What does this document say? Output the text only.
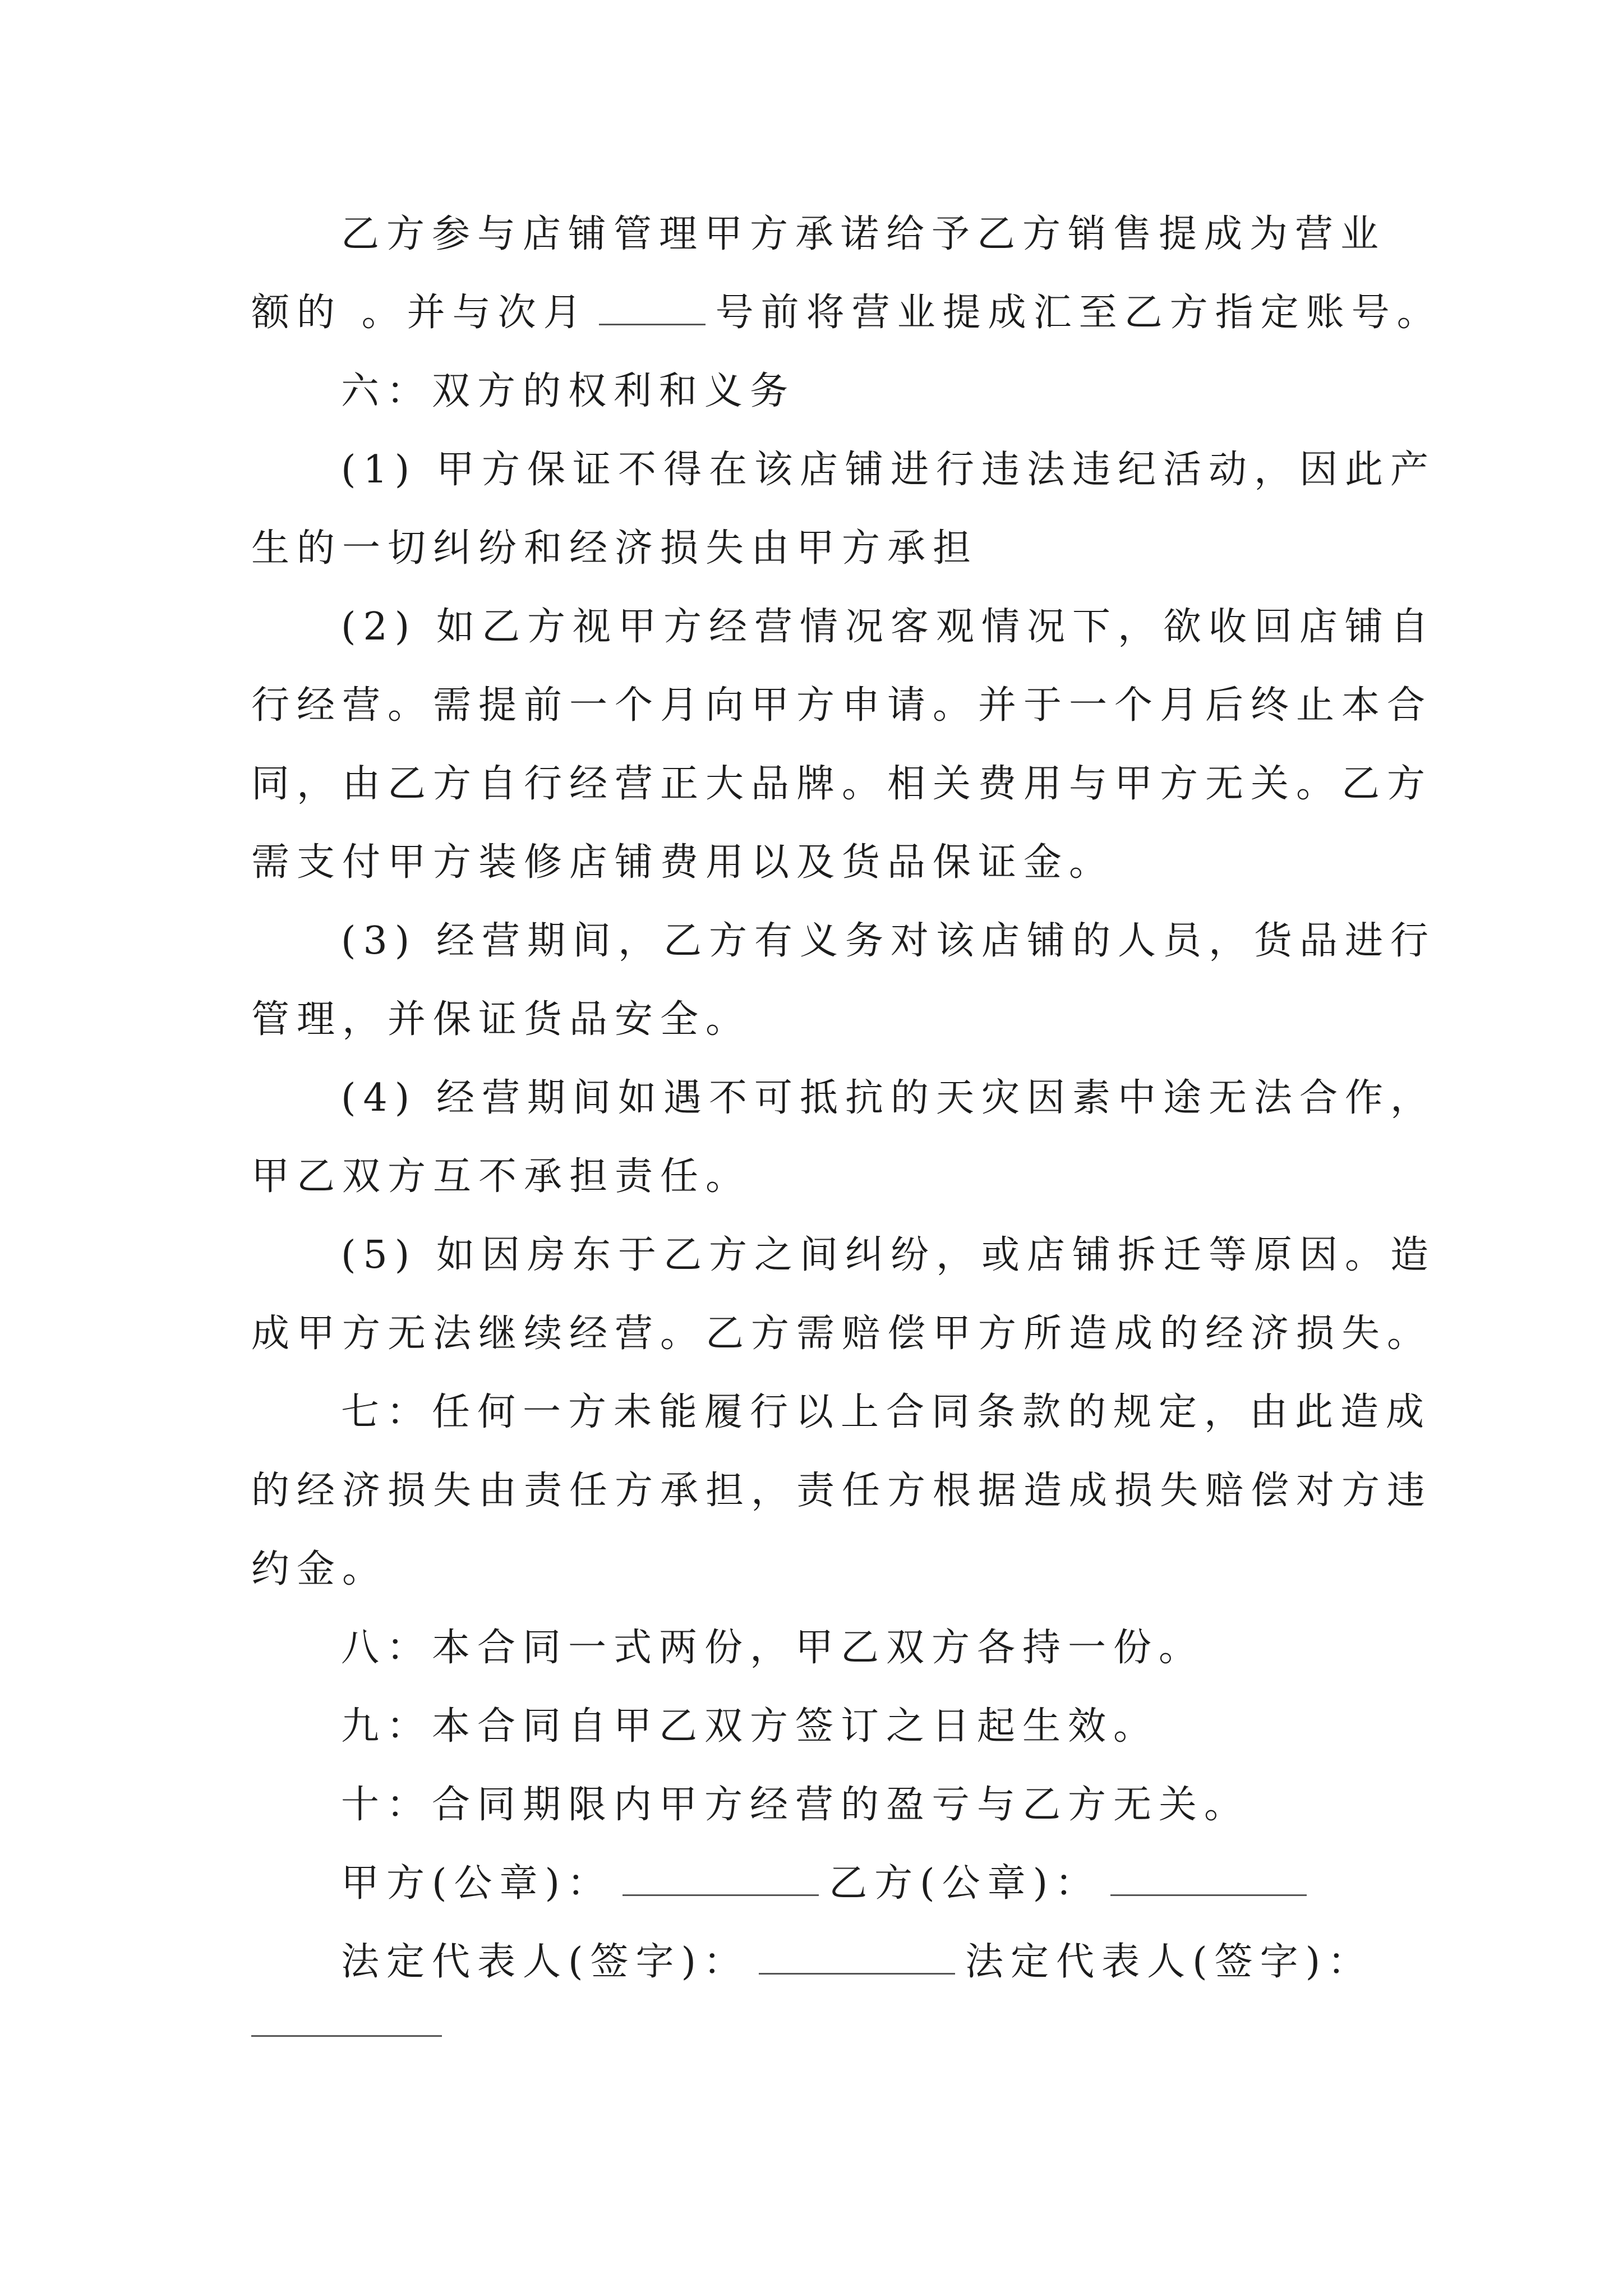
乙方参与店铺管理甲方承诺给予乙方销售提成为营业
额的 。并与次月	号前将营业提成汇至乙方指定账号。
六：双方的权利和义务
(1) 甲方保证不得在该店铺进行违法违纪活动，因此产
生的一切纠纷和经济损失由甲方承担
(2) 如乙方视甲方经营情况客观情况下，欲收回店铺自
行经营。需提前一个月向甲方申请。并于一个月后终止本合
同，由乙方自行经营正大品牌。相关费用与甲方无关。乙方
需支付甲方装修店铺费用以及货品保证金。
(3) 经营期间，乙方有义务对该店铺的人员，货品进行
管理，并保证货品安全。
(4) 经营期间如遇不可抵抗的天灾因素中途无法合作，
甲乙双方互不承担责任。
(5) 如因房东于乙方之间纠纷，或店铺拆迁等原因。造
成甲方无法继续经营。乙方需赔偿甲方所造成的经济损失。
七：任何一方未能履行以上合同条款的规定，由此造成
的经济损失由责任方承担，责任方根据造成损失赔偿对方违
约金。
八：本合同一式两份，甲乙双方各持一份。
九：本合同自甲乙双方签订之日起生效。
十：合同期限内甲方经营的盈亏与乙方无关。
甲方(公章)：	乙方(公章)：
法定代表人(签字)：	法定代表人(签字)：
